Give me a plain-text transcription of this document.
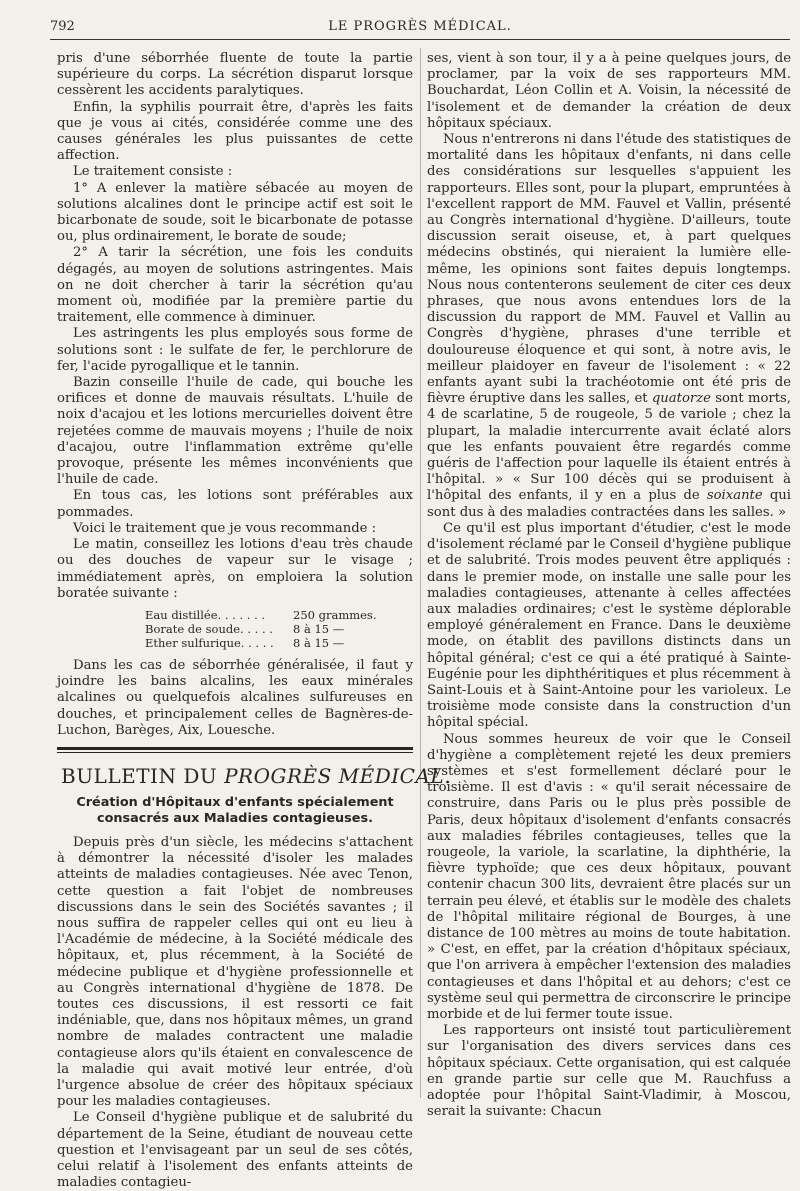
792	LE PROGRÈS MÉDICAL.

pris d'une séborrhée fluente de toute la partie supérieure du corps. La sécrétion disparut lorsque cessèrent les accidents paralytiques.

Enfin, la syphilis pourrait être, d'après les faits que je vous ai cités, considérée comme une des causes générales les plus puissantes de cette affection.

Le traitement consiste :

1° A enlever la matière sébacée au moyen de solutions alcalines dont le principe actif est soit le bicarbonate de soude, soit le bicarbonate de potasse ou, plus ordinairement, le borate de soude;

2° A tarir la sécrétion, une fois les conduits dégagés, au moyen de solutions astringentes. Mais on ne doit chercher à tarir la sécrétion qu'au moment où, modifiée par la première partie du traitement, elle commence à diminuer.

Les astringents les plus employés sous forme de solutions sont : le sulfate de fer, le perchlorure de fer, l'acide pyrogallique et le tannin.

Bazin conseille l'huile de cade, qui bouche les orifices et donne de mauvais résultats. L'huile de noix d'acajou et les lotions mercurielles doivent être rejetées comme de mauvais moyens ; l'huile de noix d'acajou, outre l'inflammation extrême qu'elle provoque, présente les mêmes inconvénients que l'huile de cade.

En tous cas, les lotions sont préférables aux pommades.

Voici le traitement que je vous recommande :

Le matin, conseillez les lotions d'eau très chaude ou des douches de vapeur sur le visage ; immédiatement après, on emploiera la solution boratée suivante :

Eau distillée. . . . . . .	250 grammes.
Borate de soude. . . . .	8 à 15 —
Ether sulfurique. . . . .	8 à 15 —

Dans les cas de séborrhée généralisée, il faut y joindre les bains alcalins, les eaux minérales alcalines ou quelquefois alcalines sulfureuses en douches, et principalement celles de Bagnères-de-Luchon, Barèges, Aix, Louesche.

BULLETIN DU PROGRÈS MÉDICAL.
Création d'Hôpitaux d'enfants spécialement consacrés aux Maladies contagieuses.

Depuis près d'un siècle, les médecins s'attachent à démontrer la nécessité d'isoler les malades atteints de maladies contagieuses. Née avec Tenon, cette question a fait l'objet de nombreuses discussions dans le sein des Sociétés savantes ; il nous suffira de rappeler celles qui ont eu lieu à l'Académie de médecine, à la Société médicale des hôpitaux, et, plus récemment, à la Société de médecine publique et d'hygiène professionnelle et au Congrès international d'hygiène de 1878. De toutes ces discussions, il est ressorti ce fait indéniable, que, dans nos hôpitaux mêmes, un grand nombre de malades contractent une maladie contagieuse alors qu'ils étaient en convalescence de la maladie qui avait motivé leur entrée, d'où l'urgence absolue de créer des hôpitaux spéciaux pour les maladies contagieuses.

Le Conseil d'hygiène publique et de salubrité du département de la Seine, étudiant de nouveau cette question et l'envisageant par un seul de ses côtés, celui relatif à l'isolement des enfants atteints de maladies contagieu-

ses, vient à son tour, il y a à peine quelques jours, de proclamer, par la voix de ses rapporteurs MM. Bouchardat, Léon Collin et A. Voisin, la nécessité de l'isolement et de demander la création de deux hôpitaux spéciaux.

Nous n'entrerons ni dans l'étude des statistiques de mortalité dans les hôpitaux d'enfants, ni dans celle des considérations sur lesquelles s'appuient les rapporteurs. Elles sont, pour la plupart, empruntées à l'excellent rapport de MM. Fauvel et Vallin, présenté au Congrès international d'hygiène. D'ailleurs, toute discussion serait oiseuse, et, à part quelques médecins obstinés, qui nieraient la lumière elle-même, les opinions sont faites depuis longtemps. Nous nous contenterons seulement de citer ces deux phrases, que nous avons entendues lors de la discussion du rapport de MM. Fauvel et Vallin au Congrès d'hygiène, phrases d'une terrible et douloureuse éloquence et qui sont, à notre avis, le meilleur plaidoyer en faveur de l'isolement : « 22 enfants ayant subi la trachéotomie ont été pris de fièvre éruptive dans les salles, et quatorze sont morts, 4 de scarlatine, 5 de rougeole, 5 de variole ; chez la plupart, la maladie intercurrente avait éclaté alors que les enfants pouvaient être regardés comme guéris de l'affection pour laquelle ils étaient entrés à l'hôpital. » « Sur 100 décès qui se produisent à l'hôpital des enfants, il y en a plus de soixante qui sont dus à des maladies contractées dans les salles. »

Ce qu'il est plus important d'étudier, c'est le mode d'isolement réclamé par le Conseil d'hygiène publique et de salubrité. Trois modes peuvent être appliqués : dans le premier mode, on installe une salle pour les maladies contagieuses, attenante à celles affectées aux maladies ordinaires; c'est le système déplorable employé généralement en France. Dans le deuxième mode, on établit des pavillons distincts dans un hôpital général; c'est ce qui a été pratiqué à Sainte-Eugénie pour les diphthéritiques et plus récemment à Saint-Louis et à Saint-Antoine pour les varioleux. Le troisième mode consiste dans la construction d'un hôpital spécial.

Nous sommes heureux de voir que le Conseil d'hygiène a complètement rejeté les deux premiers systèmes et s'est formellement déclaré pour le troisième. Il est d'avis : « qu'il serait nécessaire de construire, dans Paris ou le plus près possible de Paris, deux hôpitaux d'isolement d'enfants consacrés aux maladies fébriles contagieuses, telles que la rougeole, la variole, la scarlatine, la diphthérie, la fièvre typhoïde; que ces deux hôpitaux, pouvant contenir chacun 300 lits, devraient être placés sur un terrain peu élevé, et établis sur le modèle des chalets de l'hôpital militaire régional de Bourges, à une distance de 100 mètres au moins de toute habitation. » C'est, en effet, par la création d'hôpitaux spéciaux, que l'on arrivera à empêcher l'extension des maladies contagieuses et dans l'hôpital et au dehors; c'est ce système seul qui permettra de circonscrire le principe morbide et de lui fermer toute issue.

Les rapporteurs ont insisté tout particulièrement sur l'organisation des divers services dans ces hôpitaux spéciaux. Cette organisation, qui est calquée en grande partie sur celle que M. Rauchfuss a adoptée pour l'hôpital Saint-Vladimir, à Moscou, serait la suivante: Chacun
